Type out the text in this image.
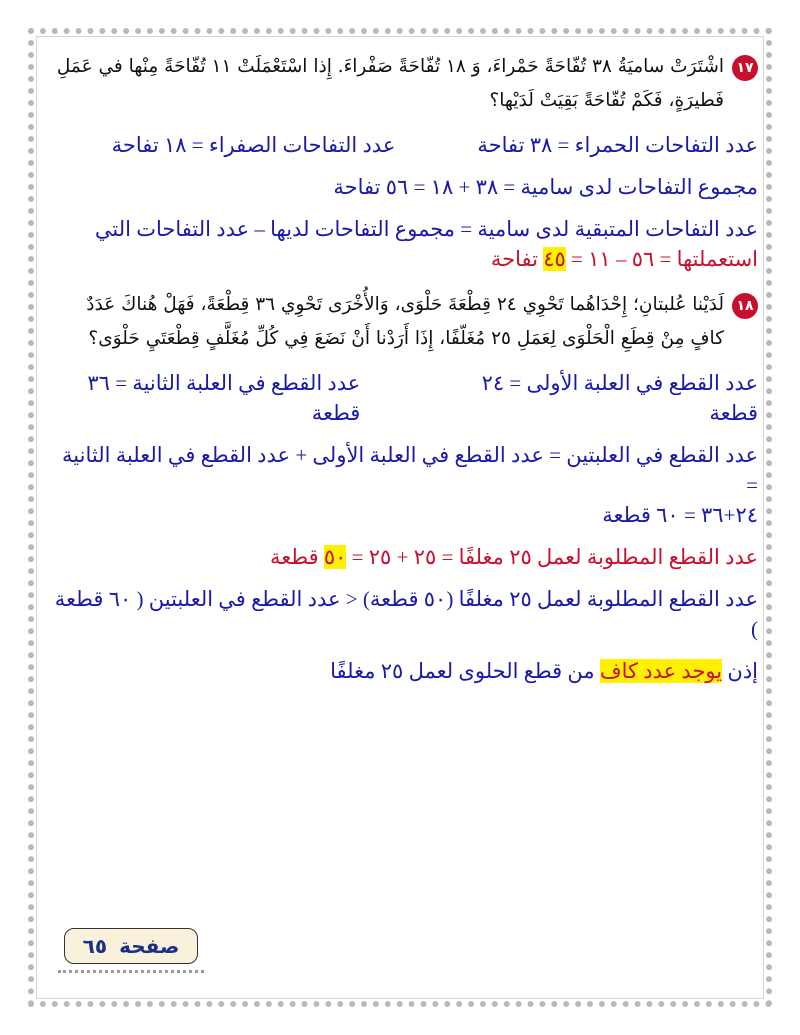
١٧
اشْتَرَتْ ساميَةُ ٣٨ تُفّاحَةً حَمْراءَ، وَ ١٨ تُفّاحَةً صَفْراءَ. إِذا اسْتَعْمَلَتْ ١١ تُفّاحَةً مِنْها في عَمَلِ فَطيرَةٍ، فَكَمْ تُفّاحَةً بَقِيَتْ لَدَيْها؟
عدد التفاحات الحمراء = ٣٨ تفاحة
عدد التفاحات الصفراء = ١٨ تفاحة
مجموع التفاحات لدى سامية = ٣٨ + ١٨ = ٥٦ تفاحة
عدد التفاحات المتبقية لدى سامية = مجموع التفاحات لديها – عدد التفاحات التي
استعملتها = ٥٦ – ١١ = ٤٥ تفاحة
١٨
لَدَيْنا عُلبتانِ؛ إِحْدَاهُما تَحْوِي ٢٤ قِطْعَةَ حَلْوَى، وَالأُخْرَى تَحْوِي ٣٦ قِطْعَةً، فَهَلْ هُناكَ عَدَدٌ كافٍ مِنْ قِطَعِ الْحَلْوَى لِعَمَلِ ٢٥ مُغَلّفًا، إِذَا أَرَدْنا أَنْ نَضَعَ فِي كُلِّ مُغَلَّفٍ قِطْعَتَيِ حَلْوَى؟
عدد القطع في العلبة الأولى = ٢٤ قطعة
عدد القطع في العلبة الثانية = ٣٦ قطعة
عدد القطع في العلبتين = عدد القطع في العلبة الأولى + عدد القطع في العلبة الثانية =
٢٤+٣٦ = ٦٠ قطعة
عدد القطع المطلوبة لعمل ٢٥ مغلفًا = ٢٥ + ٢٥ = ٥٠ قطعة
عدد القطع المطلوبة لعمل ٢٥ مغلفًا (٥٠ قطعة) < عدد القطع في العلبتين ( ٦٠ قطعة )
إذن يوجد عدد كاف من قطع الحلوى لعمل ٢٥ مغلفًا
صفحة
٦٥
